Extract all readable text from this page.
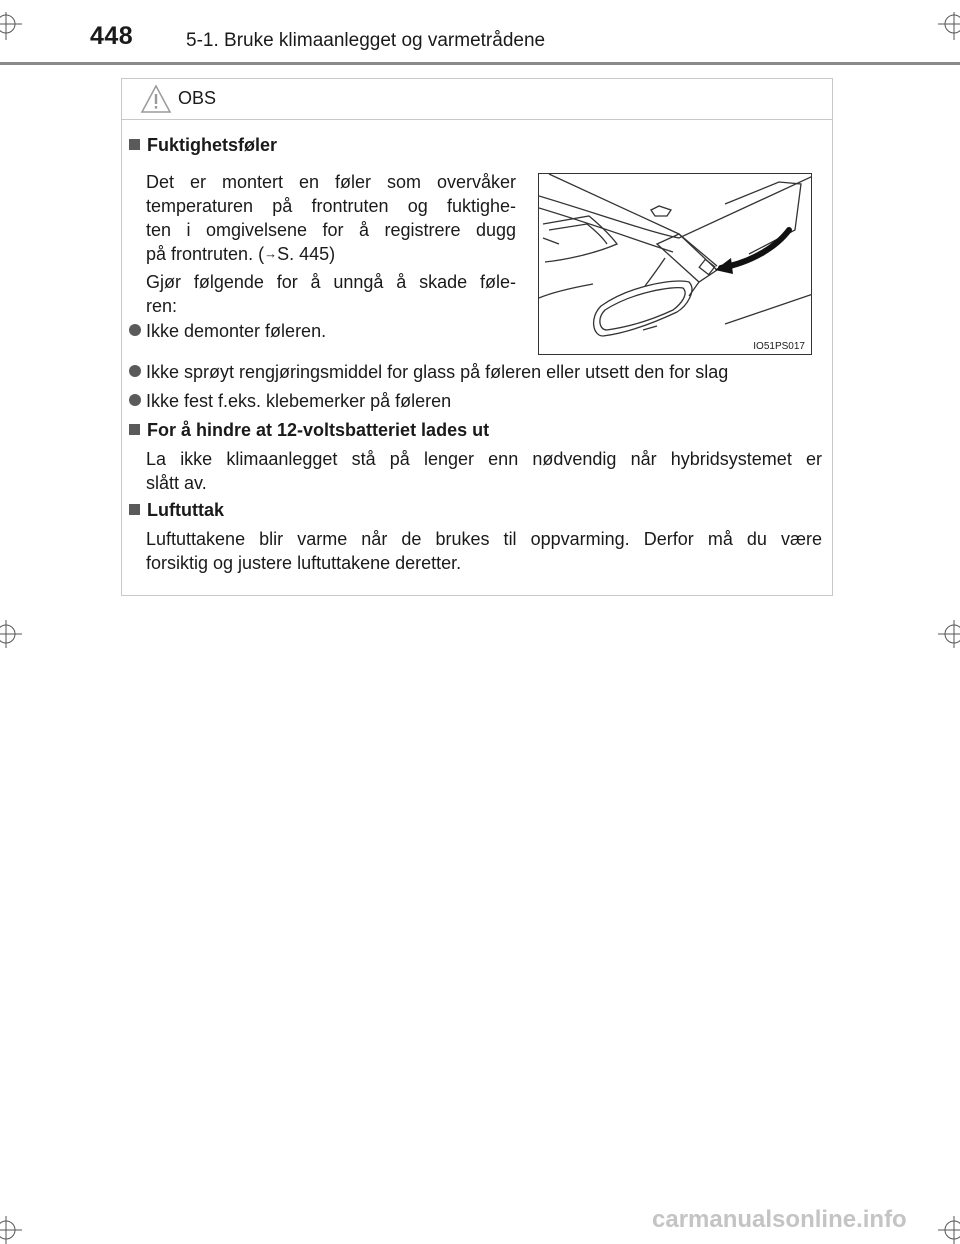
448	5-1. Bruke klimaanlegget og varmetrådene
OBS
Fuktighetsføler
Det er montert en føler som overvåker
temperaturen på frontruten og fuktighe-
ten i omgivelsene for å registrere dugg
på frontruten. (→S. 445)
Gjør følgende for å unngå å skade føle-
ren:
Ikke demonter føleren.
IO51PS017
Ikke sprøyt rengjøringsmiddel for glass på føleren eller utsett den for slag
Ikke fest f.eks. klebemerker på føleren
For å hindre at 12-voltsbatteriet lades ut
La ikke klimaanlegget stå på lenger enn nødvendig når hybridsystemet er
slått av.
Luftuttak
Luftuttakene blir varme når de brukes til oppvarming. Derfor må du være
forsiktig og justere luftuttakene deretter.
carmanualsonline.info
